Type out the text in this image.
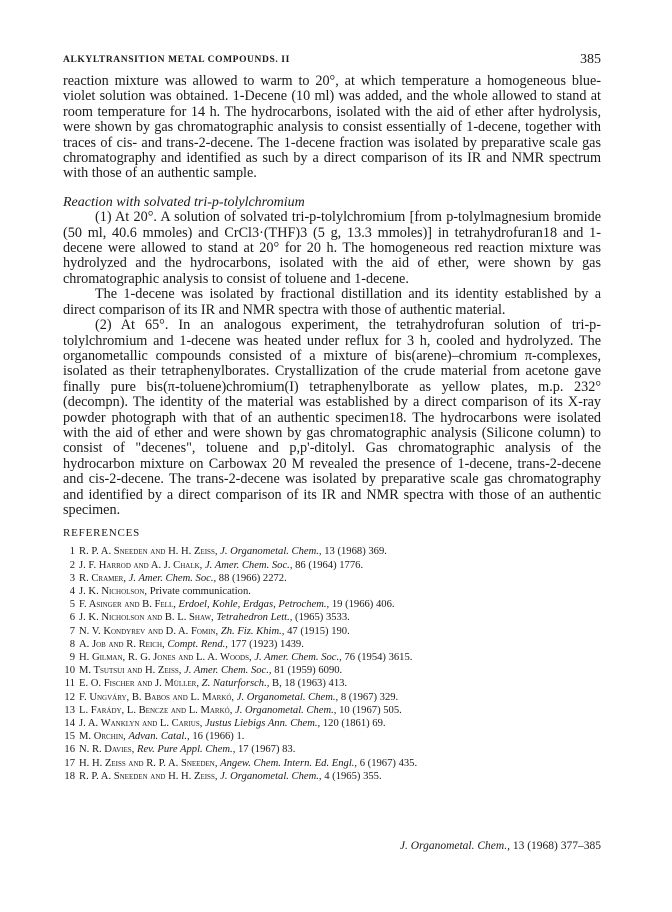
ALKYLTRANSITION METAL COMPOUNDS. II	385

reaction mixture was allowed to warm to 20°, at which temperature a homogeneous blue-violet solution was obtained. 1-Decene (10 ml) was added, and the whole allowed to stand at room temperature for 14 h. The hydrocarbons, isolated with the aid of ether after hydrolysis, were shown by gas chromatographic analysis to consist essentially of 1-decene, together with traces of cis- and trans-2-decene. The 1-decene fraction was isolated by preparative scale gas chromatography and identified as such by a direct comparison of its IR and NMR spectrum with those of an authentic sample.

Reaction with solvated tri-p-tolylchromium

(1) At 20°. A solution of solvated tri-p-tolylchromium [from p-tolylmagnesium bromide (50 ml, 40.6 mmoles) and CrCl3·(THF)3 (5 g, 13.3 mmoles)] in tetrahydrofuran18 and 1-decene were allowed to stand at 20° for 20 h. The homogeneous red reaction mixture was hydrolyzed and the hydrocarbons, isolated with the aid of ether, were shown by gas chromatographic analysis to consist of toluene and 1-decene.

The 1-decene was isolated by fractional distillation and its identity established by a direct comparison of its IR and NMR spectra with those of authentic material.

(2) At 65°. In an analogous experiment, the tetrahydrofuran solution of tri-p-tolylchromium and 1-decene was heated under reflux for 3 h, cooled and hydrolyzed. The organometallic compounds consisted of a mixture of bis(arene)–chromium π-complexes, isolated as their tetraphenylborates. Crystallization of the crude material from acetone gave finally pure bis(π-toluene)chromium(I) tetraphenylborate as yellow plates, m.p. 232° (decompn). The identity of the material was established by a direct comparison of its X-ray powder photograph with that of an authentic specimen18. The hydrocarbons were isolated with the aid of ether and were shown by gas chromatographic analysis (Silicone column) to consist of "decenes", toluene and p,p'-ditolyl. Gas chromatographic analysis of the hydrocarbon mixture on Carbowax 20 M revealed the presence of 1-decene, trans-2-decene and cis-2-decene. The trans-2-decene was isolated by preparative scale gas chromatography and identified by a direct comparison of its IR and NMR spectra with those of an authentic specimen.

REFERENCES

1 R. P. A. Sneeden and H. H. Zeiss, J. Organometal. Chem., 13 (1968) 369.
2 J. F. Harrod and A. J. Chalk, J. Amer. Chem. Soc., 86 (1964) 1776.
3 R. Cramer, J. Amer. Chem. Soc., 88 (1966) 2272.
4 J. K. Nicholson, Private communication.
5 F. Asinger and B. Fell, Erdoel, Kohle, Erdgas, Petrochem., 19 (1966) 406.
6 J. K. Nicholson and B. L. Shaw, Tetrahedron Lett., (1965) 3533.
7 N. V. Kondyrev and D. A. Fomin, Zh. Fiz. Khim., 47 (1915) 190.
8 A. Job and R. Reich, Compt. Rend., 177 (1923) 1439.
9 H. Gilman, R. G. Jones and L. A. Woods, J. Amer. Chem. Soc., 76 (1954) 3615.
10 M. Tsutsui and H. Zeiss, J. Amer. Chem. Soc., 81 (1959) 6090.
11 E. O. Fischer and J. Müller, Z. Naturforsch., B, 18 (1963) 413.
12 F. Ungváry, B. Babos and L. Markó, J. Organometal. Chem., 8 (1967) 329.
13 L. Farády, L. Bencze and L. Markó, J. Organometal. Chem., 10 (1967) 505.
14 J. A. Wanklyn and L. Carius, Justus Liebigs Ann. Chem., 120 (1861) 69.
15 M. Orchin, Advan. Catal., 16 (1966) 1.
16 N. R. Davies, Rev. Pure Appl. Chem., 17 (1967) 83.
17 H. H. Zeiss and R. P. A. Sneeden, Angew. Chem. Intern. Ed. Engl., 6 (1967) 435.
18 R. P. A. Sneeden and H. H. Zeiss, J. Organometal. Chem., 4 (1965) 355.
J. Organometal. Chem., 13 (1968) 377–385
